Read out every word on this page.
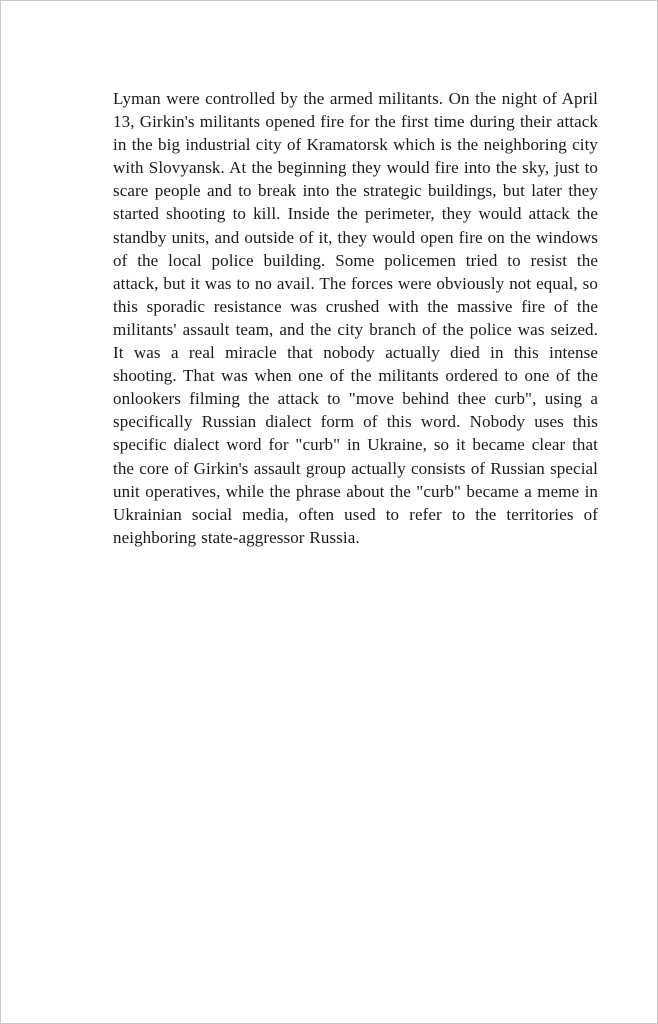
Lyman were controlled by the armed militants. On the night of April 13, Girkin's militants opened fire for the first time during their attack in the big industrial city of Kramatorsk which is the neighboring city with Slovyansk. At the beginning they would fire into the sky, just to scare people and to break into the strategic buildings, but later they started shooting to kill. Inside the perimeter, they would attack the standby units, and outside of it, they would open fire on the windows of the local police building. Some policemen tried to resist the attack, but it was to no avail. The forces were obviously not equal, so this sporadic resistance was crushed with the massive fire of the militants' assault team, and the city branch of the police was seized. It was a real miracle that nobody actually died in this intense shooting. That was when one of the militants ordered to one of the onlookers filming the attack to "move behind thee curb", using a specifically Russian dialect form of this word. Nobody uses this specific dialect word for "curb" in Ukraine, so it became clear that the core of Girkin's assault group actually consists of Russian special unit operatives, while the phrase about the "curb" became a meme in Ukrainian social media, often used to refer to the territories of neighboring state-aggressor Russia.
